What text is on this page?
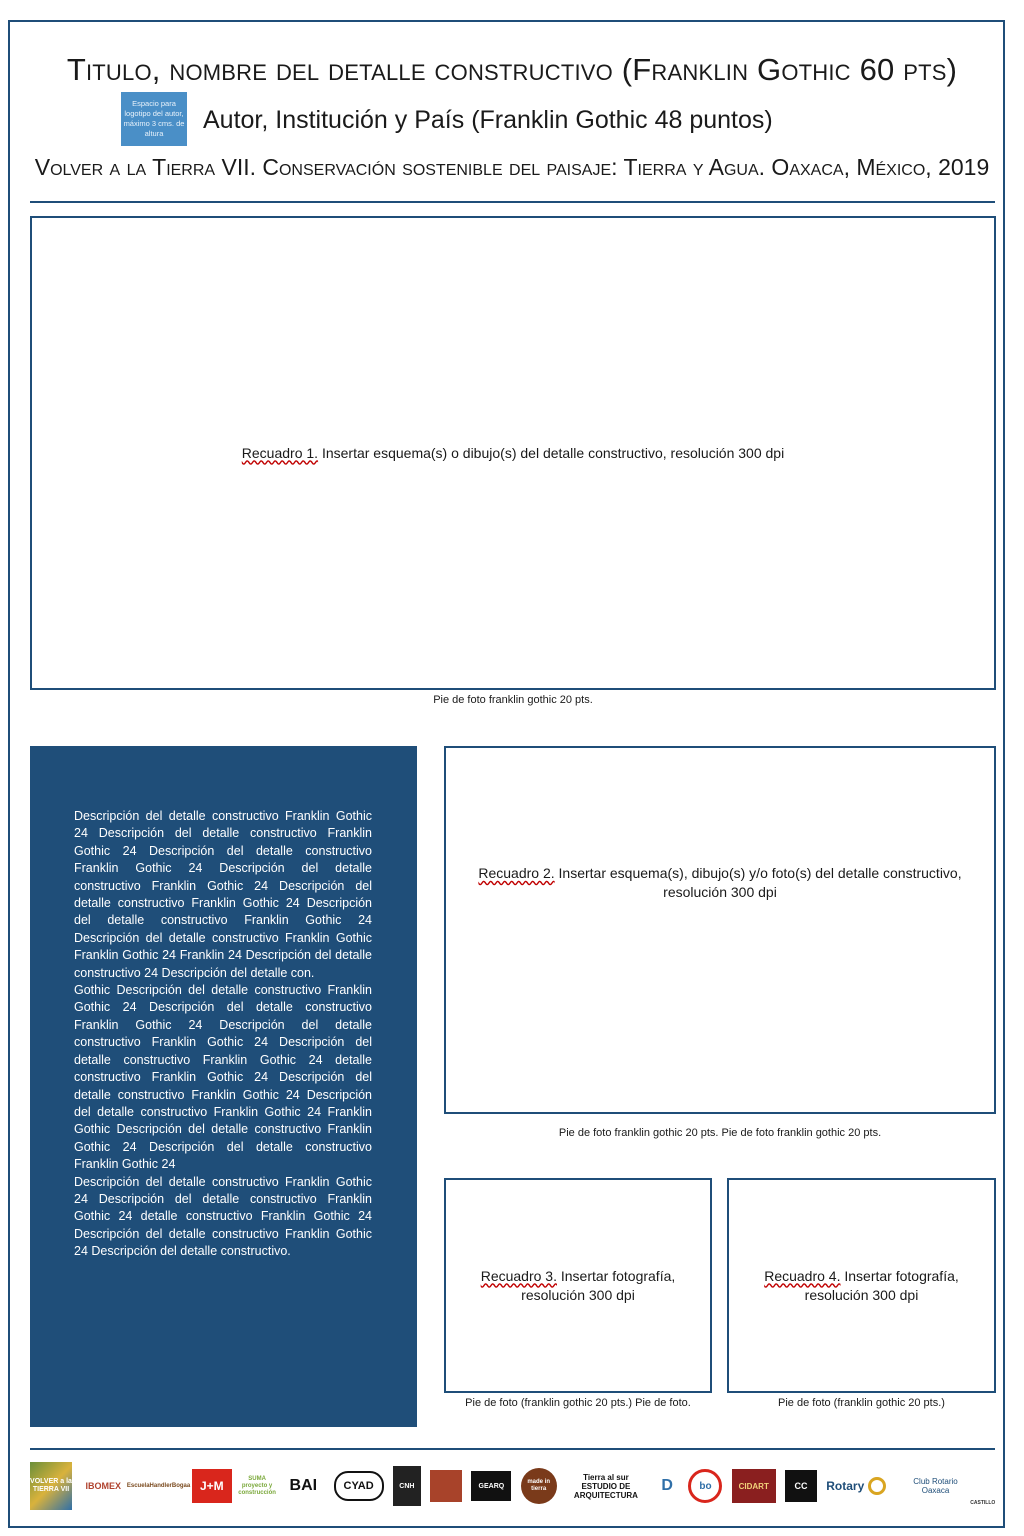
Titulo, nombre del detalle constructivo (Franklin Gothic 60 pts)
Espacio para logotipo del autor, máximo 3 cms. de altura	Autor, Institución y País (Franklin Gothic 48 puntos)
Volver a la Tierra VII. Conservación sostenible del paisaje: Tierra y Agua. Oaxaca, México, 2019
Recuadro 1. Insertar esquema(s) o dibujo(s) del detalle constructivo, resolución 300 dpi
Pie de foto franklin gothic 20 pts.

Descripción del detalle constructivo Franklin Gothic 24 Descripción del detalle constructivo Franklin Gothic 24 Descripción del detalle constructivo Franklin Gothic 24 Descripción del detalle constructivo Franklin Gothic 24 Descripción del detalle constructivo Franklin Gothic 24 Descripción del detalle constructivo Franklin Gothic 24 Descripción del detalle constructivo Franklin Gothic Franklin Gothic 24 Franklin 24 Descripción del detalle constructivo 24 Descripción del detalle con.

Gothic Descripción del detalle constructivo Franklin Gothic 24 Descripción del detalle constructivo Franklin Gothic 24 Descripción del detalle constructivo Franklin Gothic 24 Descripción del detalle constructivo Franklin Gothic 24 detalle constructivo Franklin Gothic 24 Descripción del detalle constructivo Franklin Gothic 24 Descripción del detalle constructivo Franklin Gothic 24 Franklin Gothic Descripción del detalle constructivo Franklin Gothic 24 Descripción del detalle constructivo Franklin Gothic 24

Descripción del detalle constructivo Franklin Gothic 24 Descripción del detalle constructivo Franklin Gothic 24 detalle constructivo Franklin Gothic 24 Descripción del detalle constructivo Franklin Gothic 24 Descripción del detalle constructivo.

Recuadro 2. Insertar esquema(s), dibujo(s) y/o foto(s) del detalle constructivo, resolución 300 dpi
Pie de foto franklin gothic 20 pts. Pie de foto franklin gothic 20 pts.
Recuadro 3. Insertar fotografía, resolución 300 dpi
Pie de foto (franklin gothic 20 pts.) Pie de foto.
Recuadro 4. Insertar fotografía, resolución 300 dpi
Pie de foto (franklin gothic 20 pts.)
VOLVER a la TIERRA VII	IBOMEX EscuelaHandlerBogaa J+M
SUMA proyecto y construcción BAI	CYAD	CNH	GEARQ
made in tierra
Tierra al sur ESTUDIO DE ARQUITECTURA
D	bo	CIDART	CC	Rotary	Club Rotario Oaxaca
CASTILLO
